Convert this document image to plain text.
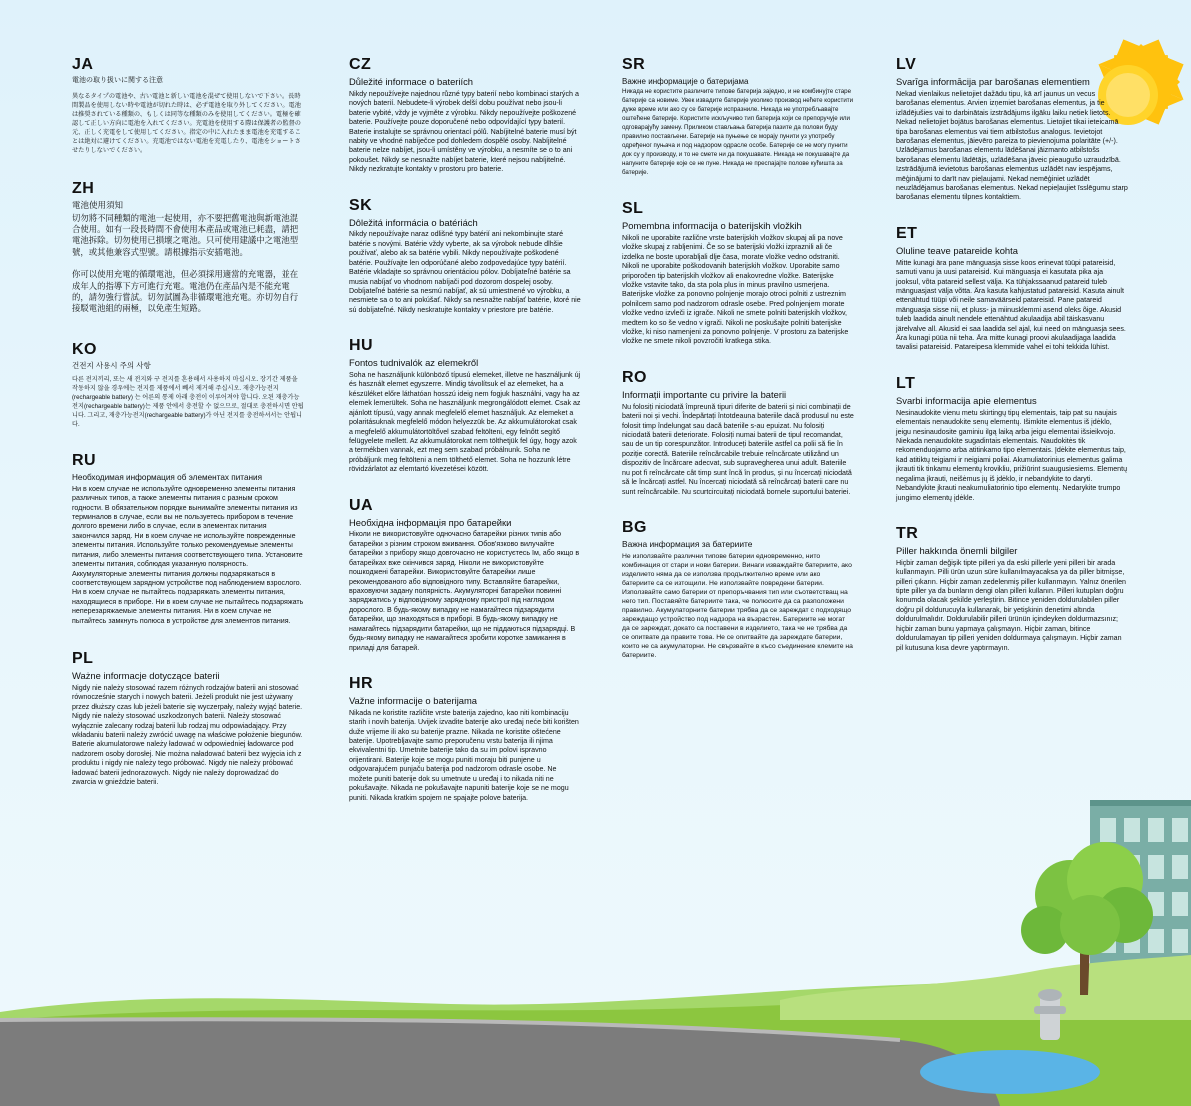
JA
電池の取り扱いに関する注意

異なるタイプの電池や、古い電池と新しい電池を混ぜて使用しないで下さい。長時間製品を使用しない時や電池が切れた時は、必ず電池を取り外してください。電池は推奨されている種類の、もしくは同等な種類のみを使用してください。電極を確認して正しい方向に電池を入れてください。充電池を使用する際は保護者の監督の元、正しく充電をして使用してください。指定の中に入れたまま電池を充電することは絶対に避けてください。充電池ではない電池を充電したり、電池をショートさせたりしないでください。

ZH
電池使用須知

切勿將不同種類的電池一起使用，亦不要把舊電池與新電池混合使用。如有一段長時間不會使用本產品或電池已耗盡，請把電池拆除。切勿使用已損壞之電池。只可使用建議中之電池型號，或其他兼容式型號。請根據指示安插電池。

你可以使用充電的循環電池，但必須採用適當的充電器，並在成年人的指導下方可進行充電。電池仍在產品內是不能充電的，請勿強行嘗試。切勿試圖為非循環電池充電。亦切勿自行接駁電池組的兩極，以免產生短路。

KO
건전지 사용시 주의 사항

다른 전지끼리, 또는 새 전지와 구 전지를 혼용해서 사용하지 마십시오. 장기간 제품을 작동하지 않을 경우에는 전지를 제품에서 빼서 제거해 주십시오. 재충가능전지(rechargeable battery) 는 어른의 통제 아래 충전이 이루어져야 합니다. 오된 재충가능전지(rechargeable battery)는 제품 안에서 충전할 수 없으므로, 절대로 충전하시면 안됩니다. 그리고, 재충가능전지(rechargeable battery)가 아닌 전지를 충전하셔서는 안됩니다.

RU
Необходимая информация об элементах питания

Ни в коем случае не используйте одновременно элементы питания различных типов, а также элементы питания с разным сроком годности. В обязательном порядке вынимайте элементы питания из терминалов в случае, если вы не пользуетесь прибором в течение долгого времени либо в случае, если в элементах питания закончился заряд. Ни в коем случае не используйте поврежденные элементы питания. Используйте только рекомендуемые элементы питания, либо элементы питания соответствующего типа. Установите элементы питания, соблюдая указанную полярность. Аккумуляторные элементы питания должны подзаряжаться в соответствующем зарядном устройстве под наблюдением взрослого. Ни в коем случае не пытайтесь подзаряжать элементы питания, находящиеся в приборе. Ни в коем случае не пытайтесь подзаряжать неперезаряжаемые элементы питания. Ни в коем случае не пытайтесь замкнуть полюса в устройстве для элементов питания.

PL
Ważne informacje dotyczące baterii

Nigdy nie należy stosować razem różnych rodzajów baterii ani stosować równocześnie starych i nowych baterii. Jeżeli produkt nie jest używany przez dłuższy czas lub jeżeli baterie się wyczerpały, należy wyjąć baterie. Nigdy nie należy stosować uszkodzonych baterii. Należy stosować wyłącznie zalecany rodzaj baterii lub rodzaj mu odpowiadający. Przy wkładaniu baterii należy zwrócić uwagę na właściwe położenie biegunów. Baterie akumulatorowe należy ładować w odpowiedniej ładowarce pod nadzorem osoby dorosłej. Nie można naładować baterii bez wyjęcia ich z produktu i nigdy nie należy tego próbować. Nigdy nie należy próbować ładować baterii jednorazowych. Nigdy nie należy doprowadzać do zwarcia w gnieździe baterii.

CZ
Důležité informace o bateriích

Nikdy nepoužívejte najednou různé typy baterií nebo kombinaci starých a nových baterií. Nebudete-li výrobek delší dobu používat nebo jsou-li baterie vybité, vždy je vyjměte z výrobku. Nikdy nepoužívejte poškozené baterie. Používejte pouze doporučené nebo odpovídající typy baterií. Baterie instalujte se správnou orientací pólů. Nabíjitelné baterie musí být nabity ve vhodné nabíječce pod dohledem dospělé osoby. Nabíjitelné baterie nelze nabíjet, jsou-li umístěny ve výrobku, a nesmíte se o to ani pokoušet. Nikdy se nesnažte nabíjet baterie, které nejsou nabíjitelné. Nikdy nezkratujte kontakty v prostoru pro baterie.

SK
Dôležitá informácia o batériách

Nikdy nepoužívajte naraz odlišné typy batérií ani nekombinujte staré batérie s novými. Batérie vždy vyberte, ak sa výrobok nebude dlhšie používať, alebo ak sa batérie vybili. Nikdy nepoužívajte poškodené batérie. Používajte len odporúčané alebo zodpovedajúce typy batérií. Batérie vkladajte so správnou orientáciou pólov. Dobíjateľné batérie sa musia nabíjať vo vhodnom nabíjači pod dozorom dospelej osoby. Dobíjateľné batérie sa nesmú nabíjať, ak sú umiestnené vo výrobku, a nesmiete sa o to ani pokúšať. Nikdy sa nesnažte nabíjať batérie, ktoré nie sú dobíjateľné. Nikdy neskratujte kontakty v priestore pre batérie.

HU
Fontos tudnivalók az elemekről

Soha ne használjunk különböző típusú elemeket, illetve ne használjunk új és használt elemet egyszerre. Mindig távolítsuk el az elemeket, ha a készüléket előre láthatóan hosszú ideig nem fogjuk használni, vagy ha az elemek lemerültek. Soha ne használjunk megrongálódott elemet. Csak az ajánlott típusú, vagy annak megfelelő elemet használjuk. Az elemeket a polaritásuknak megfelelő módon helyezzük be. Az akkumulátorokat csak a megfelelő akkumulátortöltővel szabad feltölteni, egy felnőtt segítő felügyelete mellett. Az akkumulátorokat nem tölthetjük fel úgy, hogy azok a termékben vannak, ezt meg sem szabad próbálnunk. Soha ne próbáljunk meg feltölteni a nem tölthető elemet. Soha ne hozzunk létre rövidzárlatot az elemtartó kivezetései között.

UA
Необхідна інформація про батарейки

Ніколи не використовуйте одночасно батарейки різних типів або батарейки з різним строком вживання. Обов'язково вилучайте батарейки з прибору якщо довгочасно не користуєтесь їм, або якщо в батарейках вже скінчився заряд. Ніколи не використовуйте пошкоджені батарейки. Використовуйте батарейки лише рекомендованого або відповідного типу. Вставляйте батарейки, враховуючи задану полярність. Акумуляторні батарейки повинні заряджатись у відповідному зарядному пристрої під наглядом дорослого. В будь-якому випадку не намагайтеся підзарядити батарейки, що знаходяться в приборі. В будь-якому випадку не намагайтесь підзарядити батарейки, що не піддаються підзарядці. В будь-якому випадку не намагайтеся зробити коротке замикання в приладі для батарей.

HR
Važne informacije o baterijama

Nikada ne koristite različite vrste baterija zajedno, kao niti kombinaciju starih i novih baterija. Uvijek izvadite baterije ako uređaj neće biti korišten duže vrijeme ili ako su baterije prazne. Nikada ne koristite oštećene baterije. Upotrebljavajte samo preporučenu vrstu baterija ili njima ekvivalentni tip. Umetnite baterije tako da su im polovi ispravno orijentirani. Baterije koje se mogu puniti moraju biti punjene u odgovarajućem punjaču baterija pod nadzorom odrasle osobe. Ne možete puniti baterije dok su umetnute u uređaj i to nikada niti ne pokušavajte. Nikada ne pokušavajte napuniti baterije koje se ne mogu puniti. Nikada kratkim spojem ne spajajte polove baterija.

SR
Важне информације о батеријама

Никада не користите различите типове батерија заједно, и не комбинујте старе батерије са новиме. Увек извадите батерије уколико производ нећете користити дуже време или ако су се батерије испразниле. Никада не употребљавајте оштећене батерије. Користите искључиво тип батерија који се препоручује или одговарајућу замену. Приликом стављања батерија пазите да полови буду правилно постављени. Батерије на пуњење се морају пунити уз употребу одређеног пуњача и под надзором одрасле особе. Батерије се не могу пунити док су у производу, и то не смете ни да покушавате. Никада не покушавајте да напуните батерије које се не пуне. Никада не преспајајте полове кућишта за батерије.

SL
Pomembna informacija o baterijskih vložkih

Nikoli ne uporabite različne vrste baterijskih vložkov skupaj ali pa nove vložke skupaj z rabljenimi. Če so se baterijski vložki izpraznili ali če izdelka ne boste uporabljali dlje časa, morate vložke vedno odstraniti. Nikoli ne uporabite poškodovanih baterijskih vložkov. Uporabite samo priporočen tip baterijskih vložkov ali enakovredne vložke. Baterijske vložke vstavite tako, da sta pola plus in minus pravilno usmerjena. Baterijske vložke za ponovno polnjenje morajo otroci polniti z ustreznim polnilcem samo pod nadzorom odrasle osebe. Pred polnjenjem morate vložke vedno izvleči iz igrače. Nikoli ne smete polniti baterijskih vložkov, medtem ko so še vedno v igrači. Nikoli ne poskušajte polniti baterijske vložke, ki niso namenjeni za ponovno polnjenje. V prostoru za baterijske vložke ne smete nikoli povzročiti kratkega stika.

RO
Informații importante cu privire la baterii

Nu folosiți niciodată împreună tipuri diferite de baterii și nici combinații de baterii noi și vechi. Îndepărtați întotdeauna bateriile dacă produsul nu este folosit timp îndelungat sau dacă bateriile s-au epuizat. Nu folosiți niciodată baterii deteriorate. Folosiți numai baterii de tipul recomandat, sau de un tip corespunzător. Introduceți bateriile astfel ca polii să fie în poziție corectă. Bateriile reîncărcabile trebuie reîncărcate utilizând un dispozitiv de încărcare adecvat, sub supravegherea unui adult. Bateriile nu pot fi reîncărcate cât timp sunt încă în produs, și nu încercați niciodată să le încărcați astfel. Nu încercați niciodată să reîncărcați baterii care nu sunt reîncărcabile. Nu scurtcircuitați niciodată bornele suportului bateriei.

BG
Важна информация за батериите

Не използвайте различни типове батерии едновременно, нито комбинация от стари и нови батерии. Винаги изваждайте батериите, ако изделието няма да се използва продължително време или ако батериите са се изтощили. Не използвайте повредени батерии. Използвайте само батерии от препоръчвания тип или съответстващ на него тип. Поставяйте батериите така, че полюсите да са разположени правилно. Акумулаторните батерии трябва да се зареждат с подходящо зареждащо устройство под надзора на възрастен. Батериите не могат да се зареждат, докато са поставени в изделието, така че не трябва да се опитвате да правите това. Не се опитвайте да зареждате батерии, които не са акумулаторни. Не свързвайте в късо съединение клемите на батериите.

LV
Svarīga informācija par barošanas elementiem

Nekad vienlaikus nelietojiet dažādu tipu, kā arī jaunus un vecus barošanas elementus. Arvien izņemiet barošanas elementus, ja tie izlādējušies vai to darbinātais izstrādājums ilgāku laiku netiek lietots. Nekad nelietojiet bojātus barošanas elementus. Lietojiet tikai ieteicamā tipa barošanas elementus vai tiem atbilstošus analogus. Ievietojot barošanas elementus, jāievēro pareiza to pievienojuma polaritāte (+/-). Uzlādējamus barošanas elementu lādēšanai jāizmanto atbilstošs barošanas elementu lādētājs, uzlādēšana jāveic pieaugušo uzraudzībā. Izstrādājumā ievietotus barošanas elementus uzlādēt nav iespējams, mēģinājumi to darīt nav pieļaujami. Nekad nemēģiniet uzlādēt neuzlādējamus barošanas elementus. Nekad nepieļaujiet īsslēgumu starp barošanas elementu tilpnes kontaktiem.

ET
Oluline teave patareide kohta

Mitte kunagi ära pane mänguasja sisse koos erinevat tüüpi patareisid, samuti vanu ja uusi patareisid. Kui mänguasja ei kasutata pika aja jooksul, võta patareid sellest välja. Ka tühjakssaanud patareid tuleb mänguasjast välja võtta. Ära kasuta kahjustatud patareisid. Kasuta ainult ettenähtud tüüpi või neile samaväärseid patareisid. Pane patareid mänguasja sisse nii, et pluss- ja miinusklemmi asend oleks õige. Akusid tuleb laadida ainult nendele ettenähtud akulaadija abil täiskasvanu järelvalve all. Akusid ei saa laadida sel ajal, kui need on mänguasja sees. Ära kunagi püüa nii teha. Ära mitte kunagi proovi akulaadijaga laadida tavalisi patareisid. Patareipesa klemmide vahel ei tohi tekkida lühist.

LT
Svarbi informacija apie elementus

Nesinaudokite vienu metu skirtingų tipų elementais, taip pat su naujais elementais nenaudokite senų elementų. Išimkite elementus iš įdėklo, jeigu nesinaudosite gaminiu ilgą laiką arba jeigu elementai išsieikvojo. Niekada nenaudokite sugadintais elementais. Naudokitės tik rekomenduojamo arba atitinkamo tipo elementais. Įdėkite elementus taip, kad atitiktų teigiami ir neigiami poliai. Akumuliatorinius elementus galima įkrauti tik tinkamu elementų krovikliu, prižiūrint suaugusiesiems. Elementų negalima įkrauti, neišėmus jų iš įdėklo, ir nebandykite to daryti. Nebandykite įkrauti neakumuliatorinio tipo elementų. Nedarykite trumpo jungimo elementų įdėkle.

TR
Piller hakkında önemli bilgiler

Hiçbir zaman değişik tipte pilleri ya da eski pillerle yeni pilleri bir arada kullanmayın. Pilli ürün uzun süre kullanılmayacaksa ya da piller bitmişse, pilleri çıkarın. Hiçbir zaman zedelenmiş piller kullanmayın. Yalnız önerilen tipte piller ya da bunların dengi olan pilleri kullanın. Pilleri kutupları doğru konumda olacak şekilde yerleştirin. Bitince yeniden doldurulabilen piller doğru pil doldurucuyla kullanarak, bir yetişkinin denetimi altında doldurulmalıdır. Doldurulabilir pilleri ürünün içindeyken doldurmazsınız; hiçbir zaman bunu yapmaya çalışmayın. Hiçbir zaman, bitince doldurulamayan tip pilleri yeniden doldurmaya çalışmayın. Hiçbir zaman pil kutusuna kısa devre yaptırmayın.
